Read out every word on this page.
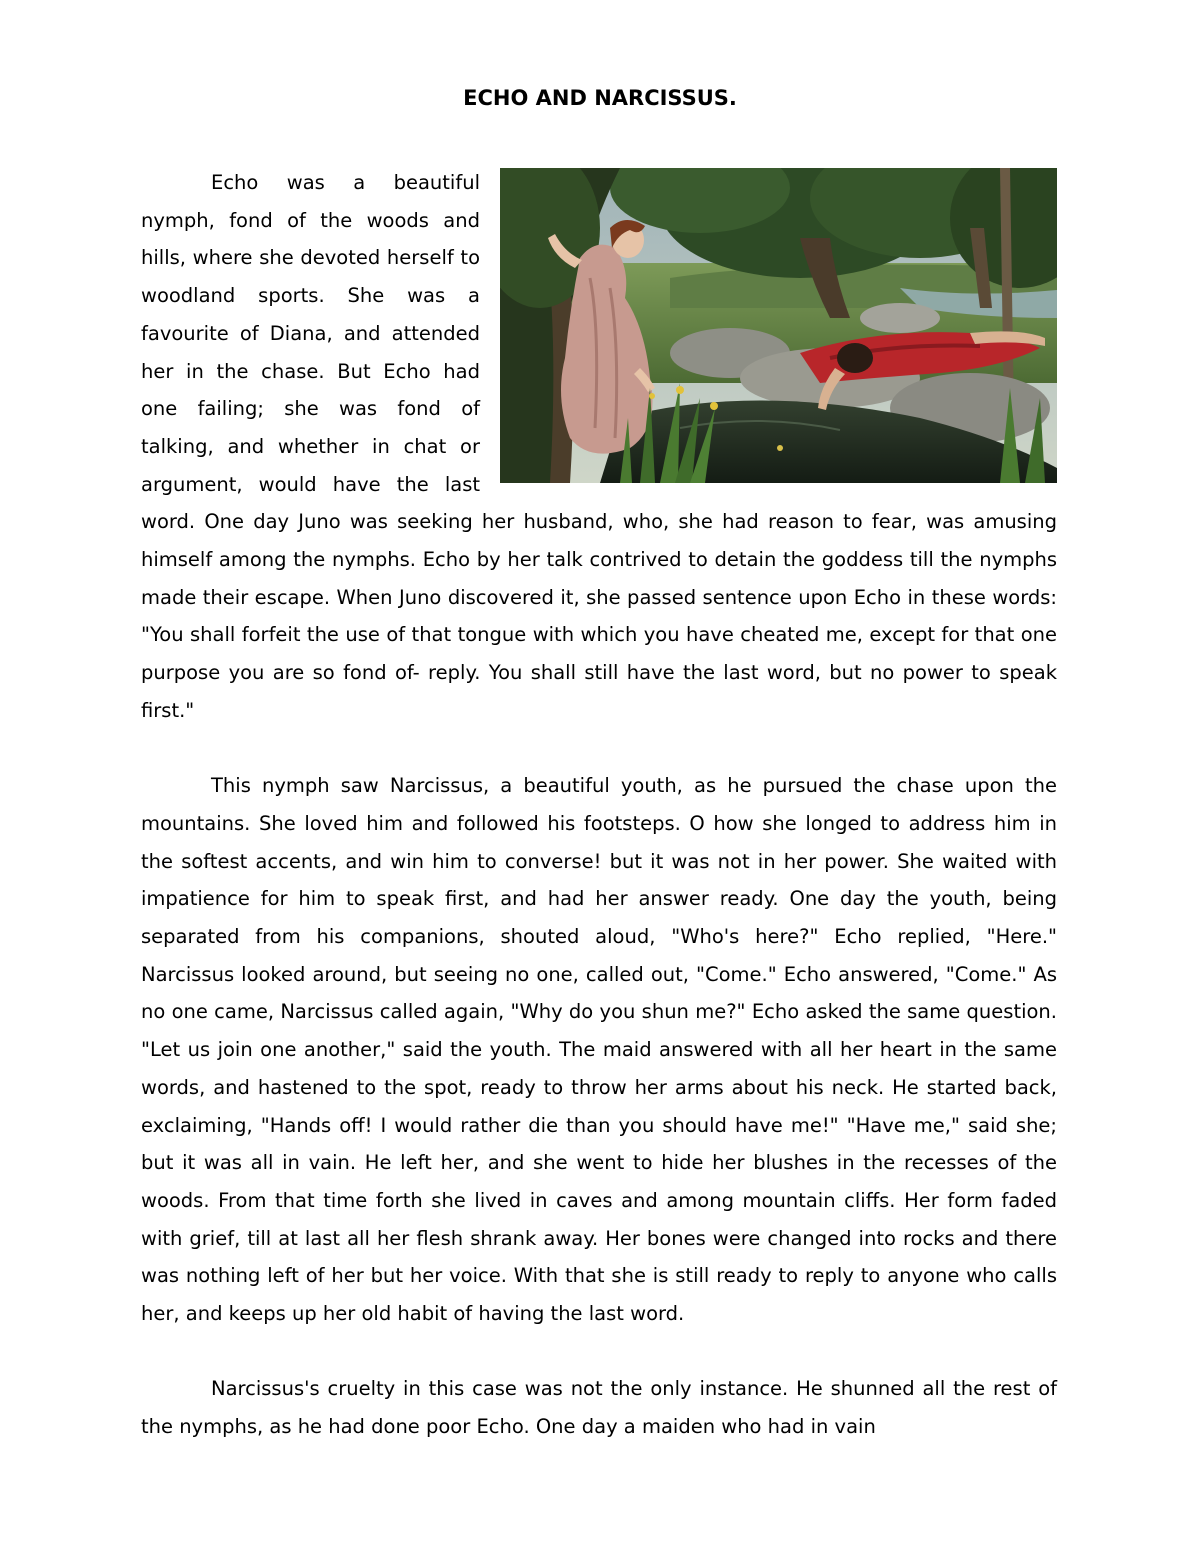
ECHO AND NARCISSUS.

Echo was a beautiful nymph, fond of the woods and hills, where she devoted herself to woodland sports. She was a favourite of Diana, and attended her in the chase. But Echo had one failing; she was fond of talking, and whether in chat or argument, would have the last word. One day Juno was seeking her husband, who, she had reason to fear, was amusing himself among the nymphs. Echo by her talk contrived to detain the goddess till the nymphs made their escape. When Juno discovered it, she passed sentence upon Echo in these words: "You shall forfeit the use of that tongue with which you have cheated me, except for that one purpose you are so fond of- reply. You shall still have the last word, but no power to speak first."

This nymph saw Narcissus, a beautiful youth, as he pursued the chase upon the mountains. She loved him and followed his footsteps. O how she longed to address him in the softest accents, and win him to converse! but it was not in her power. She waited with impatience for him to speak first, and had her answer ready. One day the youth, being separated from his companions, shouted aloud, "Who's here?" Echo replied, "Here." Narcissus looked around, but seeing no one, called out, "Come." Echo answered, "Come." As no one came, Narcissus called again, "Why do you shun me?" Echo asked the same question. "Let us join one another," said the youth. The maid answered with all her heart in the same words, and hastened to the spot, ready to throw her arms about his neck. He started back, exclaiming, "Hands off! I would rather die than you should have me!" "Have me," said she; but it was all in vain. He left her, and she went to hide her blushes in the recesses of the woods. From that time forth she lived in caves and among mountain cliffs. Her form faded with grief, till at last all her flesh shrank away. Her bones were changed into rocks and there was nothing left of her but her voice. With that she is still ready to reply to anyone who calls her, and keeps up her old habit of having the last word.

Narcissus's cruelty in this case was not the only instance. He shunned all the rest of the nymphs, as he had done poor Echo. One day a maiden who had in vain
